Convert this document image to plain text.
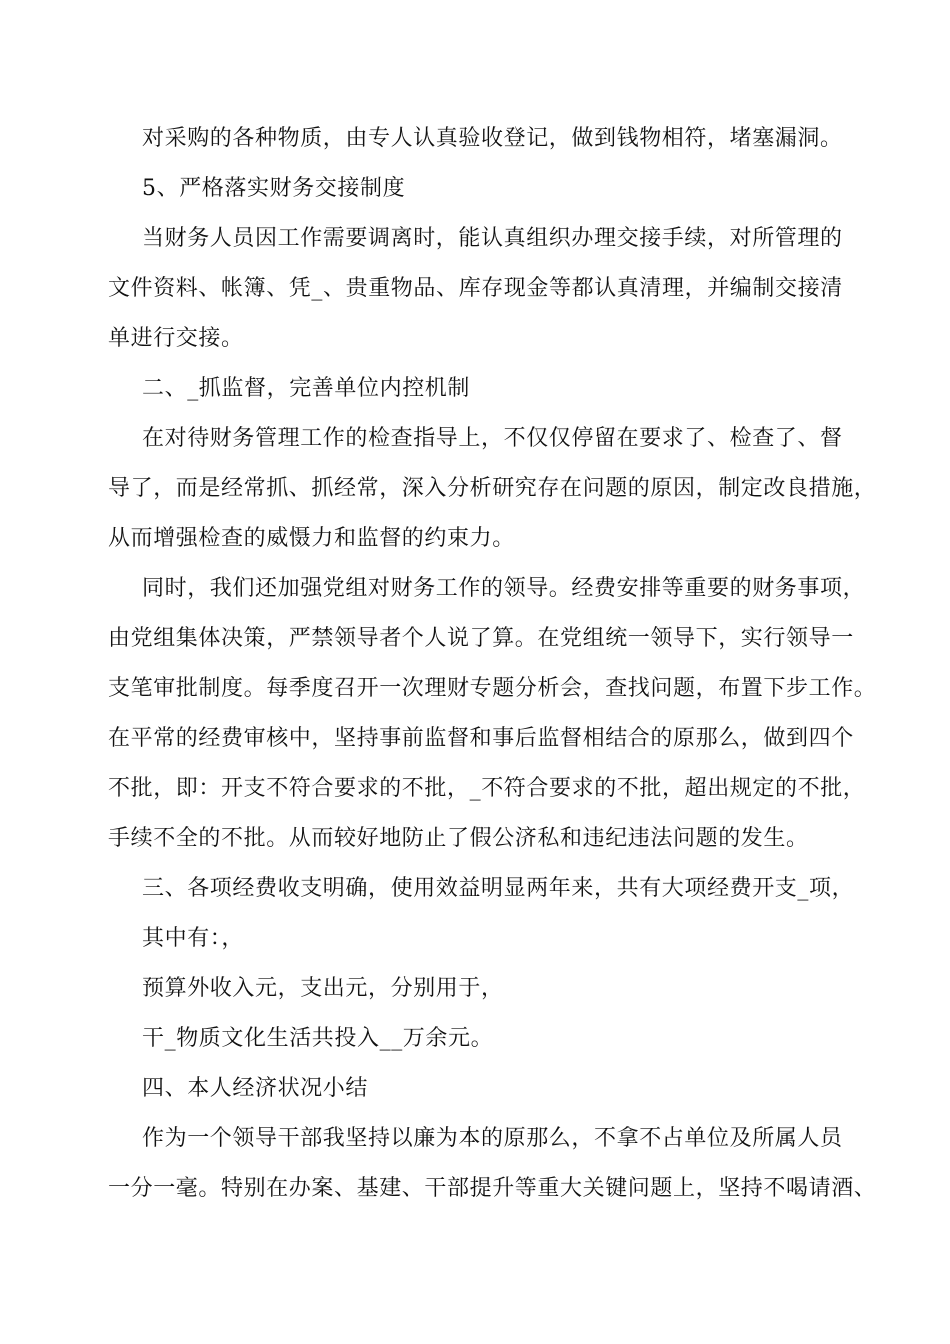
对采购的各种物质，由专人认真验收登记，做到钱物相符，堵塞漏洞。
5、严格落实财务交接制度
当财务人员因工作需要调离时，能认真组织办理交接手续，对所管理的
文件资料、帐簿、凭_、贵重物品、库存现金等都认真清理，并编制交接清
单进行交接。
二、_抓监督，完善单位内控机制
在对待财务管理工作的检查指导上，不仅仅停留在要求了、检查了、督
导了，而是经常抓、抓经常，深入分析研究存在问题的原因，制定改良措施，
从而增强检查的威慑力和监督的约束力。
同时，我们还加强党组对财务工作的领导。经费安排等重要的财务事项，
由党组集体决策，严禁领导者个人说了算。在党组统一领导下，实行领导一
支笔审批制度。每季度召开一次理财专题分析会，查找问题，布置下步工作。
在平常的经费审核中，坚持事前监督和事后监督相结合的原那么，做到四个
不批，即：开支不符合要求的不批，_不符合要求的不批，超出规定的不批，
手续不全的不批。从而较好地防止了假公济私和违纪违法问题的发生。
三、各项经费收支明确，使用效益明显两年来，共有大项经费开支_项，
其中有：，
预算外收入元，支出元，分别用于，
干_物质文化生活共投入__万余元。
四、本人经济状况小结
作为一个领导干部我坚持以廉为本的原那么，不拿不占单位及所属人员
一分一毫。特别在办案、基建、干部提升等重大关键问题上，坚持不喝请酒、
